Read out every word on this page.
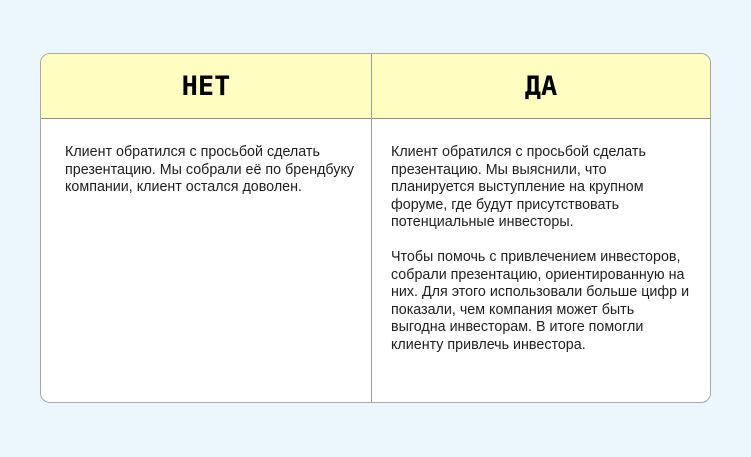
НЕТ	ДА

Клиент обратился с просьбой сделать презентацию. Мы собрали её по брендбуку компании, клиент остался доволен.

Клиент обратился с просьбой сделать презентацию. Мы выяснили, что планируется выступление на крупном форуме, где будут присутствовать потенциальные инвесторы.

Чтобы помочь с привлечением инвесторов, собрали презентацию, ориентированную на них. Для этого использовали больше цифр и показали, чем компания может быть выгодна инвесторам. В итоге помогли клиенту привлечь инвестора.
